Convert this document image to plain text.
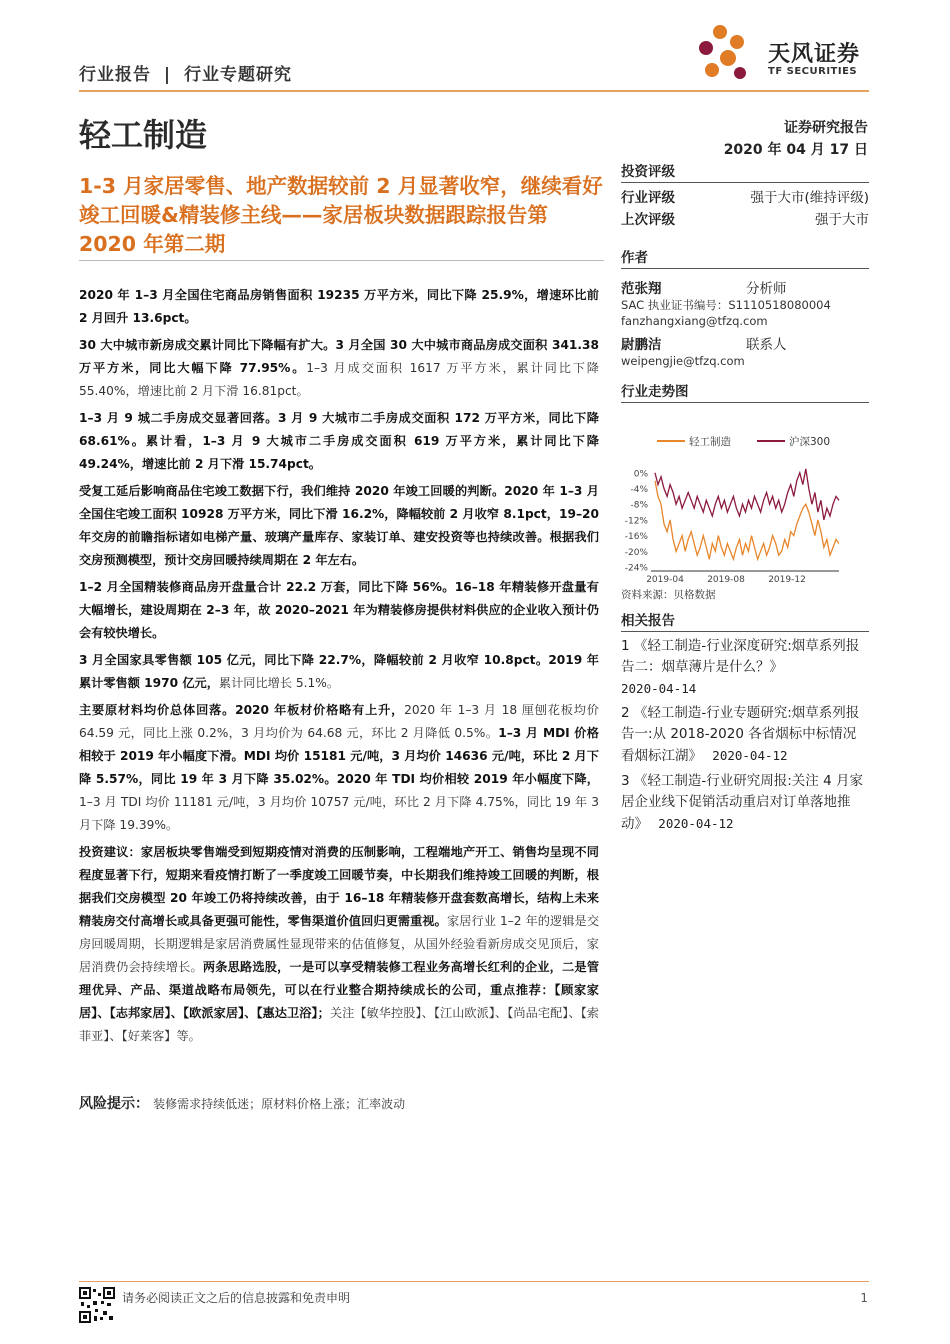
行业报告 | 行业专题研究
天风证券
TF SECURITIES
轻工制造	证券研究报告
2020 年 04 月 17 日
1-3 月家居零售、地产数据较前 2 月显著收窄，继续看好竣工回暖&精装修主线——家居板块数据跟踪报告第 2020 年第二期
投资评级
行业评级	强于大市(维持评级)
上次评级	强于大市
作者
范张翔	分析师
SAC 执业证书编号：S1110518080004
fanzhangxiang@tfzq.com
尉鹏洁	联系人
weipengjie@tfzq.com
行业走势图
轻工制造	沪深300
0%
-4%
-8%
-12%
-16%
-20%
-24%
2019-04	2019-08	2019-12
资料来源：贝格数据
相关报告
1 《轻工制造-行业深度研究:烟草系列报告二：烟草薄片是什么？》
2020-04-14
2 《轻工制造-行业专题研究:烟草系列报告一:从 2018-2020 各省烟标中标情况看烟标江湖》 2020-04-12
3 《轻工制造-行业研究周报:关注 4 月家居企业线下促销活动重启对订单落地推动》 2020-04-12

2020 年 1–3 月全国住宅商品房销售面积 19235 万平方米，同比下降 25.9%，增速环比前 2 月回升 13.6pct。

30 大中城市新房成交累计同比下降幅有扩大。3 月全国 30 大中城市商品房成交面积 341.38 万平方米，同比大幅下降 77.95%。1–3 月成交面积 1617 万平方米，累计同比下降 55.40%，增速比前 2 月下滑 16.81pct。

1–3 月 9 城二手房成交显著回落。3 月 9 大城市二手房成交面积 172 万平方米，同比下降 68.61%。累计看，1–3 月 9 大城市二手房成交面积 619 万平方米，累计同比下降 49.24%，增速比前 2 月下滑 15.74pct。

受复工延后影响商品住宅竣工数据下行，我们维持 2020 年竣工回暖的判断。2020 年 1–3 月全国住宅竣工面积 10928 万平方米，同比下滑 16.2%，降幅较前 2 月收窄 8.1pct，19–20 年交房的前瞻指标诸如电梯产量、玻璃产量库存、家装订单、建安投资等也持续改善。根据我们交房预测模型，预计交房回暖持续周期在 2 年左右。

1–2 月全国精装修商品房开盘量合计 22.2 万套，同比下降 56%。16–18 年精装修开盘量有大幅增长，建设周期在 2–3 年，故 2020–2021 年为精装修房提供材料供应的企业收入预计仍会有较快增长。

3 月全国家具零售额 105 亿元，同比下降 22.7%，降幅较前 2 月收窄 10.8pct。2019 年累计零售额 1970 亿元，累计同比增长 5.1%。

主要原材料均价总体回落。2020 年板材价格略有上升，2020 年 1–3 月 18 厘刨花板均价 64.59 元，同比上涨 0.2%，3 月均价为 64.68 元，环比 2 月降低 0.5%。1–3 月 MDI 价格相较于 2019 年小幅度下滑。MDI 均价 15181 元/吨，3 月均价 14636 元/吨，环比 2 月下降 5.57%，同比 19 年 3 月下降 35.02%。2020 年 TDI 均价相较 2019 年小幅度下降，1–3 月 TDI 均价 11181 元/吨，3 月均价 10757 元/吨，环比 2 月下降 4.75%，同比 19 年 3 月下降 19.39%。

投资建议：家居板块零售端受到短期疫情对消费的压制影响，工程端地产开工、销售均呈现不同程度显著下行，短期来看疫情打断了一季度竣工回暖节奏，中长期我们维持竣工回暖的判断，根据我们交房模型 20 年竣工仍将持续改善，由于 16–18 年精装修开盘套数高增长，结构上未来精装房交付高增长或具备更强可能性，零售渠道价值回归更需重视。家居行业 1–2 年的逻辑是交房回暖周期，长期逻辑是家居消费属性显现带来的估值修复，从国外经验看新房成交见顶后，家居消费仍会持续增长。两条思路选股，一是可以享受精装修工程业务高增长红利的企业，二是管理优异、产品、渠道战略布局领先，可以在行业整合期持续成长的公司，重点推荐：【顾家家居】、【志邦家居】、【欧派家居】、【惠达卫浴】；关注【敏华控股】、【江山欧派】、【尚品宅配】、【索菲亚】、【好莱客】等。

风险提示： 装修需求持续低迷；原材料价格上涨；汇率波动
请务必阅读正文之后的信息披露和免责申明	1
